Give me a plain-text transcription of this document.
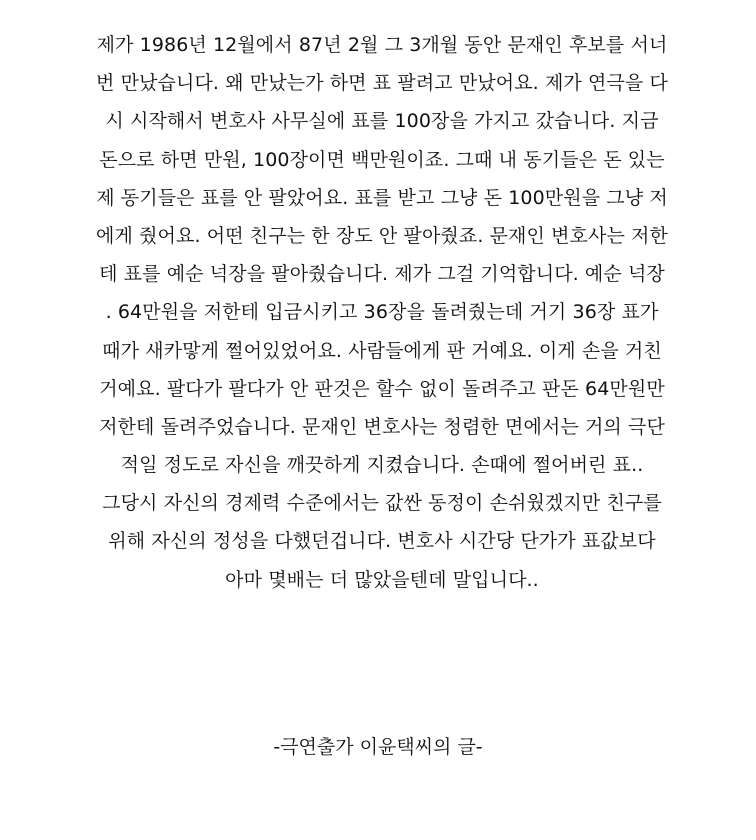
제가 1986년 12월에서 87년 2월 그 3개월 동안 문재인 후보를 서너
번 만났습니다. 왜 만났는가 하면 표 팔려고 만났어요. 제가 연극을 다
시 시작해서 변호사 사무실에 표를 100장을 가지고 갔습니다. 지금
돈으로 하면 만원, 100장이면 백만원이죠. 그때 내 동기들은 돈 있는
제 동기들은 표를 안 팔았어요. 표를 받고 그냥 돈 100만원을 그냥 저
에게 줬어요. 어떤 친구는 한 장도 안 팔아줬죠. 문재인 변호사는 저한
테 표를 예순 넉장을 팔아줬습니다. 제가 그걸 기억합니다. 예순 넉장
. 64만원을 저한테 입금시키고 36장을 돌려줬는데 거기 36장 표가
때가 새카맣게 쩔어있었어요. 사람들에게 판 거예요. 이게 손을 거친
거예요. 팔다가 팔다가 안 판것은 할수 없이 돌려주고 판돈 64만원만
저한테 돌려주었습니다. 문재인 변호사는 청렴한 면에서는 거의 극단
적일 정도로 자신을 깨끗하게 지켰습니다. 손때에 쩔어버린 표..
그당시 자신의 경제력 수준에서는 값싼 동정이 손쉬웠겠지만 친구를
위해 자신의 정성을 다했던겁니다. 변호사 시간당 단가가 표값보다
아마 몇배는 더 많았을텐데 말입니다..
-극연출가 이윤택씨의 글-
